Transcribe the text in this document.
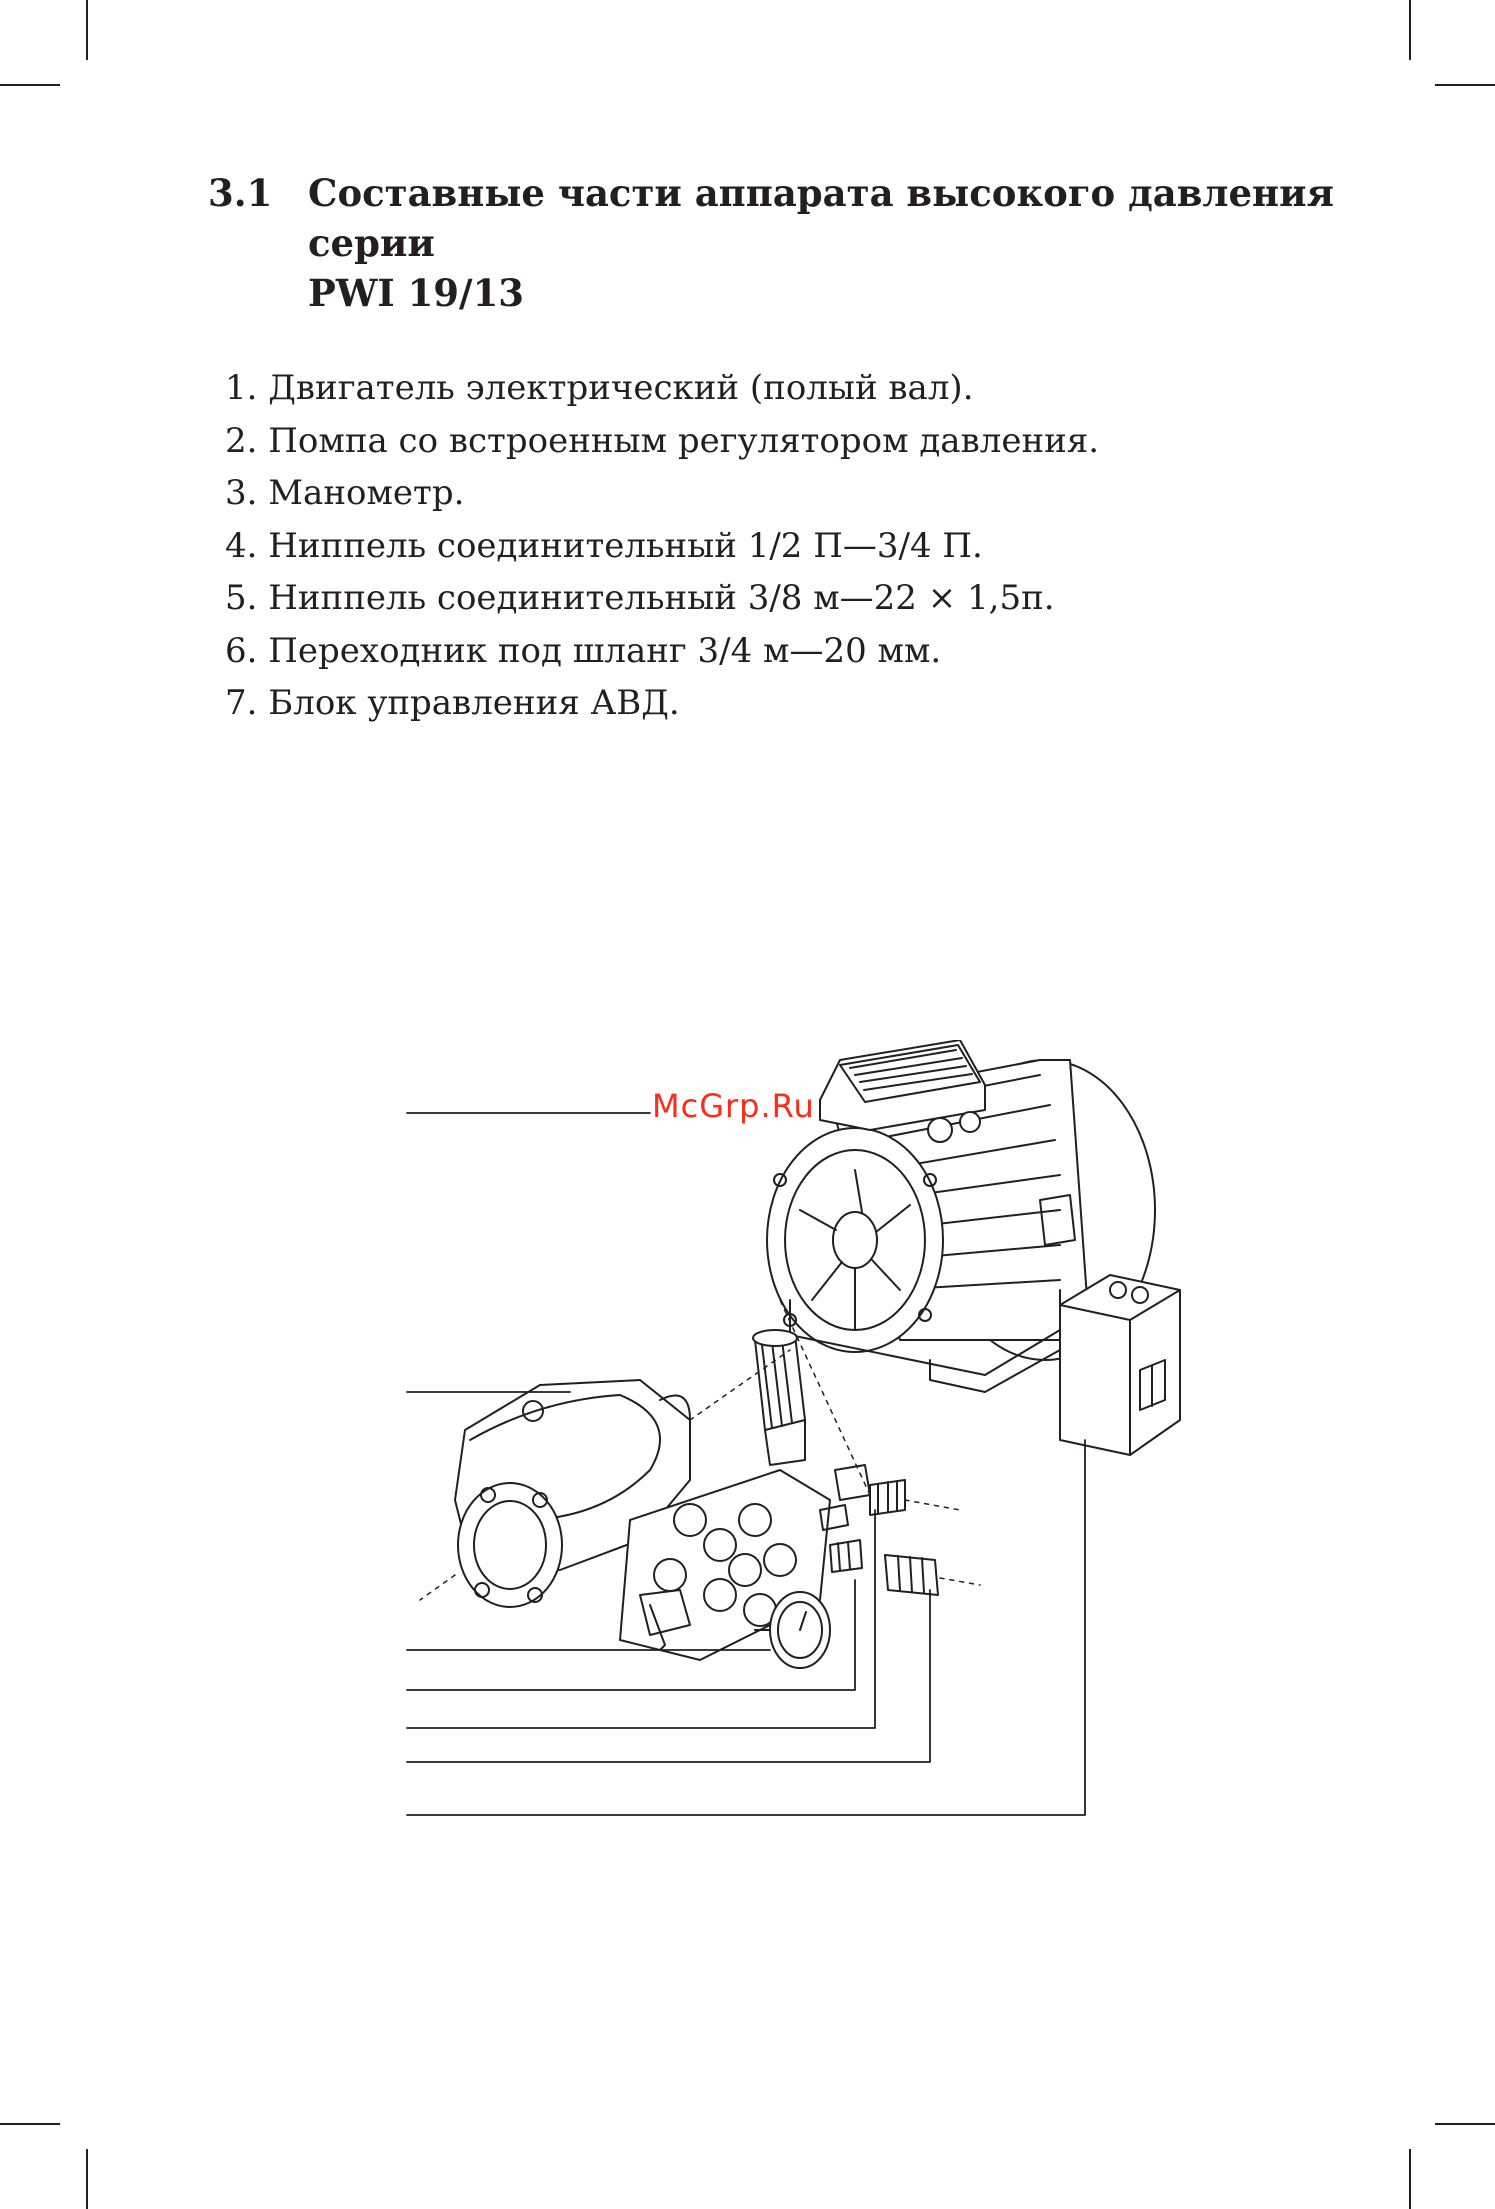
3.1 Составные части аппарата высокого давления серии
PWI 19/13
1. Двигатель электрический (полый вал).
2. Помпа со встроенным регулятором давления.
3. Манометр.
4. Ниппель соединительный 1/2 П—3/4 П.
5. Ниппель соединительный 3/8 м—22 × 1,5п.
6. Переходник под шланг 3/4 м—20 мм.
7. Блок управления АВД.
McGrp.Ru
